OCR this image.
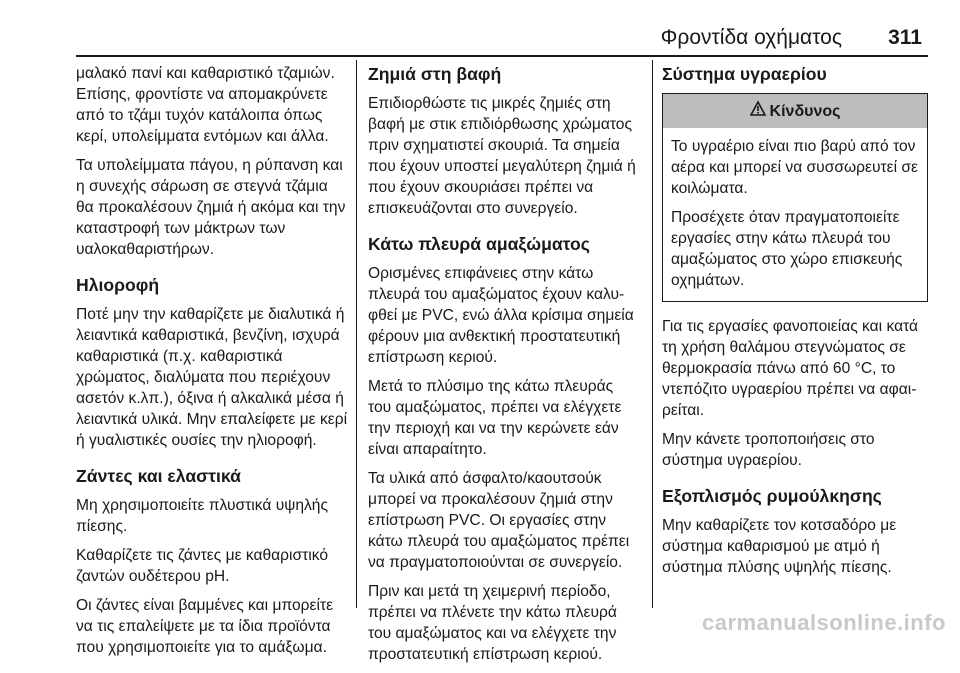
Φροντίδα οχήματος 311

μαλακό πανί και καθαριστικό τζαμιών. Επίσης, φροντίστε να απομακρύνετε από το τζάμι τυχόν κατάλοιπα όπως κερί, υπολείμματα εντόμων και άλλα.

Τα υπολείμματα πάγου, η ρύπανση και η συνεχής σάρωση σε στεγνά τζάμια θα προκαλέσουν ζημιά ή ακόμα και την καταστροφή των μάκτρων των υαλοκαθαριστήρων.

Ηλιοροφή

Ποτέ μην την καθαρίζετε με διαλυτικά ή λειαντικά καθαριστικά, βενζίνη, ισχυρά καθαριστικά (π.χ. καθαριστικά χρώματος, διαλύματα που περιέχουν ασετόν κ.λπ.), όξινα ή αλκαλικά μέσα ή λειαντικά υλικά. Μην επαλείφετε με κερί ή γυαλιστικές ουσίες την ηλιοροφή.

Ζάντες και ελαστικά

Μη χρησιμοποιείτε πλυστικά υψηλής πίεσης.

Καθαρίζετε τις ζάντες με καθαριστικό ζαντών ουδέτερου pH.

Οι ζάντες είναι βαμμένες και μπορείτε να τις επαλείψετε με τα ίδια προϊόντα που χρησιμοποιείτε για το αμάξωμα.

Ζημιά στη βαφή

Επιδιορθώστε τις μικρές ζημιές στη βαφή με στικ επιδιόρθωσης χρώματος πριν σχηματιστεί σκουριά. Τα σημεία που έχουν υποστεί μεγαλύτερη ζημιά ή που έχουν σκουριάσει πρέπει να επισκευάζονται στο συνεργείο.

Κάτω πλευρά αμαξώματος

Ορισμένες επιφάνειες στην κάτω πλευρά του αμαξώματος έχουν καλυφθεί με PVC, ενώ άλλα κρίσιμα σημεία φέρουν μια ανθεκτική προστατευτική επίστρωση κεριού.

Μετά το πλύσιμο της κάτω πλευράς του αμαξώματος, πρέπει να ελέγχετε την περιοχή και να την κερώνετε εάν είναι απαραίτητο.

Τα υλικά από άσφαλτο/καουτσούκ μπορεί να προκαλέσουν ζημιά στην επίστρωση PVC. Οι εργασίες στην κάτω πλευρά του αμαξώματος πρέπει να πραγματοποιούνται σε συνεργείο.

Πριν και μετά τη χειμερινή περίοδο, πρέπει να πλένετε την κάτω πλευρά του αμαξώματος και να ελέγχετε την προστατευτική επίστρωση κεριού.

Σύστημα υγραερίου
Κίνδυνος

Το υγραέριο είναι πιο βαρύ από τον αέρα και μπορεί να συσσωρευτεί σε κοιλώματα.

Προσέχετε όταν πραγματοποιείτε εργασίες στην κάτω πλευρά του αμαξώματος στο χώρο επισκευής οχημάτων.

Για τις εργασίες φανοποιείας και κατά τη χρήση θαλάμου στεγνώματος σε θερμοκρασία πάνω από 60 °C, το ντεπόζιτο υγραερίου πρέπει να αφαιρείται.

Μην κάνετε τροποποιήσεις στο σύστημα υγραερίου.

Εξοπλισμός ρυμούλκησης

Μην καθαρίζετε τον κοτσαδόρο με σύστημα καθαρισμού με ατμό ή σύστημα πλύσης υψηλής πίεσης.

carmanualsonline.info
